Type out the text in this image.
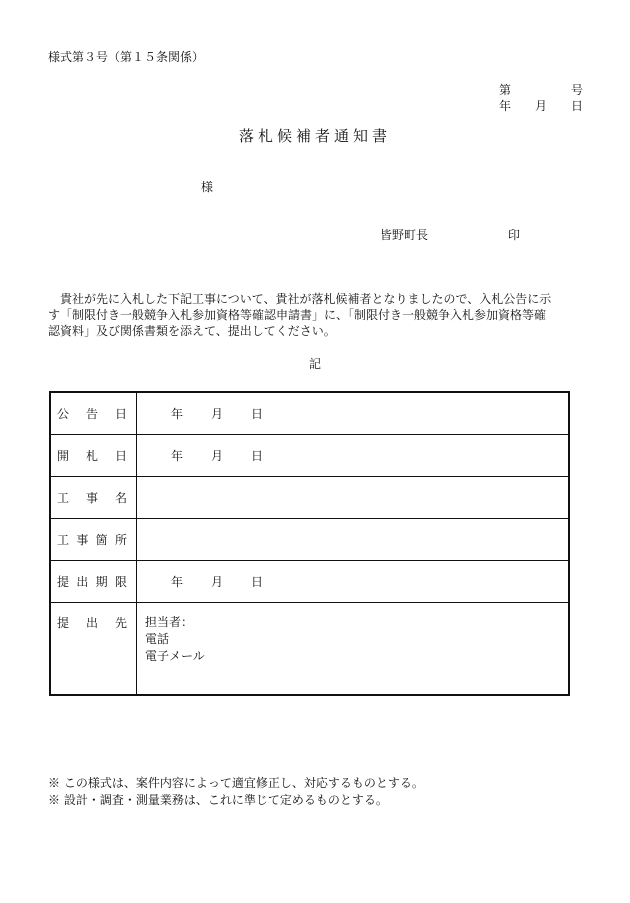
様式第３号（第１５条関係）
第	号
年 月 日
落札候補者通知書
様
皆野町長	印

　貴社が先に入札した下記工事について、貴社が落札候補者となりましたので、入札公告に示

す「制限付き一般競争入札参加資格等確認申請書」に、「制限付き一般競争入札参加資格等確

認資料」及び関係書類を添えて、提出してください。

記
公告日	年 月 日
開札日	年 月 日
工事名	
工事箇所	
提出期限	年 月 日
提出先	担当者：
電話
電子メール
※ この様式は、案件内容によって適宜修正し、対応するものとする。
※ 設計・調査・測量業務は、これに準じて定めるものとする。
